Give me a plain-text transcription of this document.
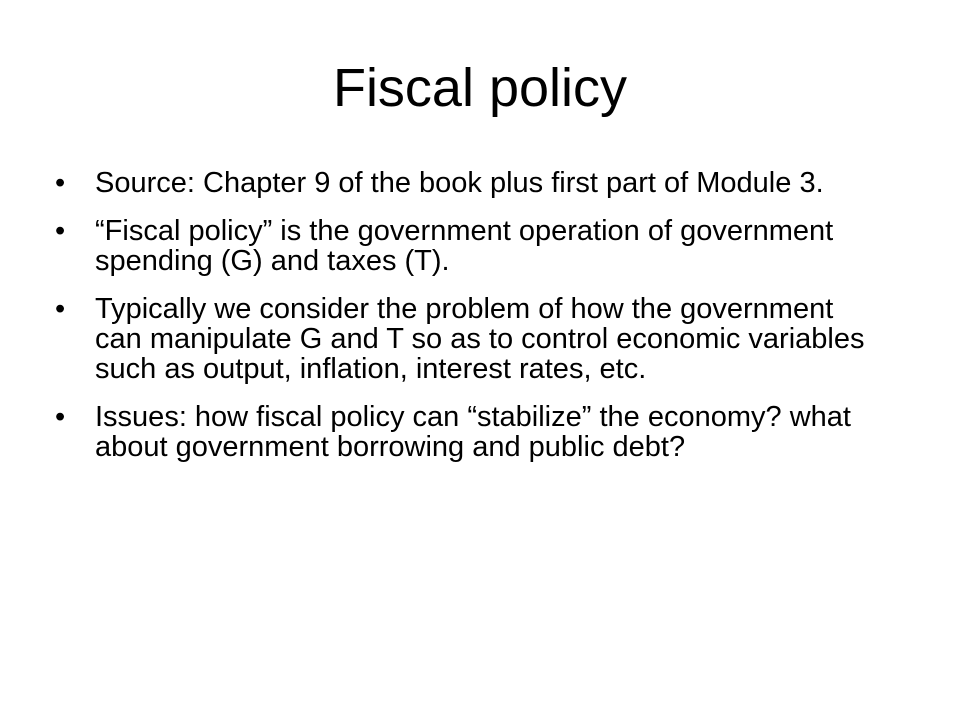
Fiscal policy
•	Source: Chapter 9 of the book plus first part of Module 3.
•	“Fiscal policy” is the government operation of government spending (G) and taxes (T).
•	Typically we consider the problem of how the government can manipulate G and T so as to control economic variables such as output, inflation, interest rates, etc.
•	Issues: how fiscal policy can “stabilize” the economy? what about government borrowing and public debt?
